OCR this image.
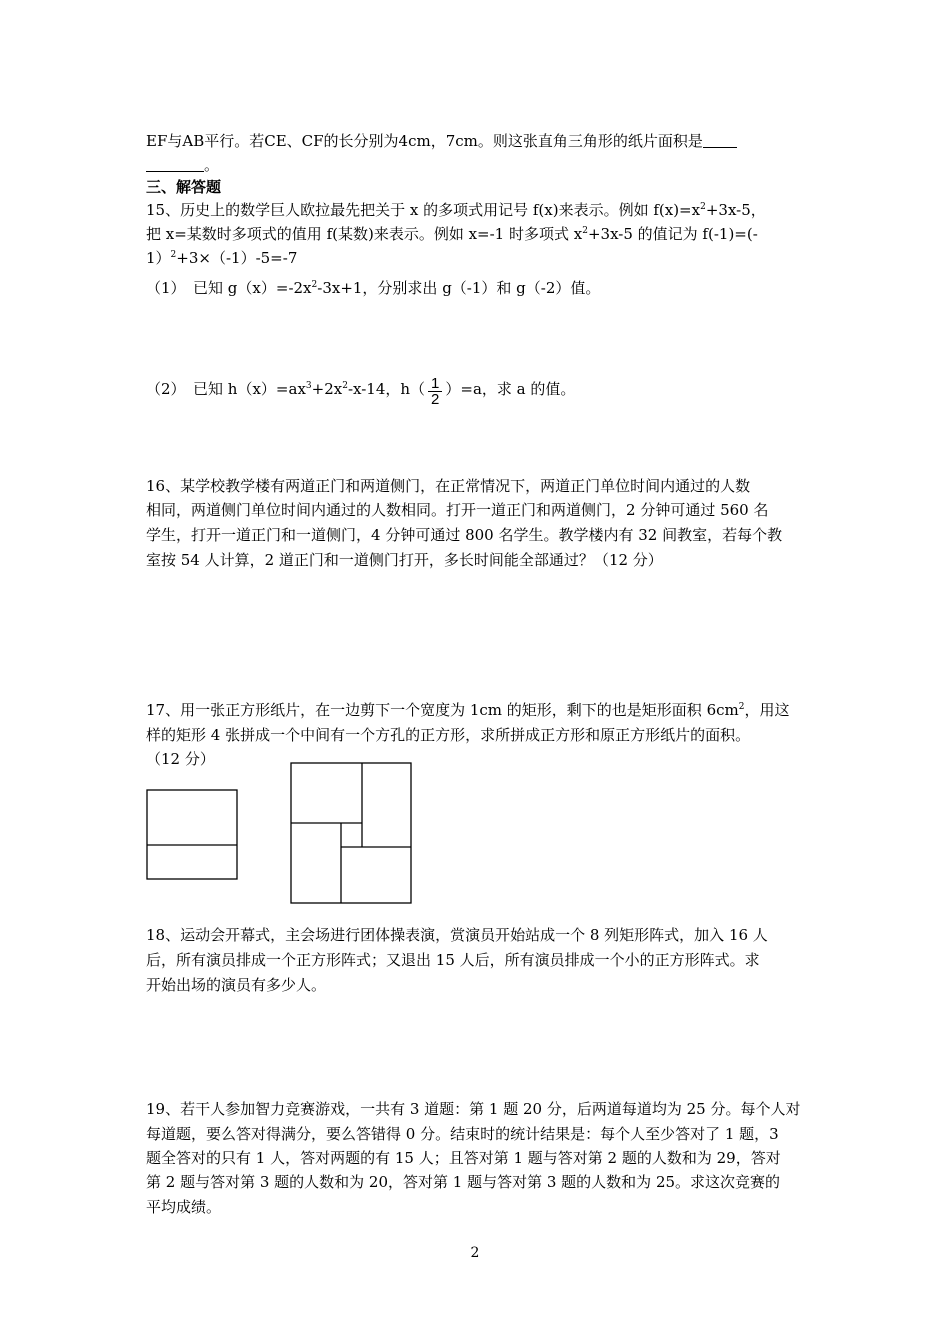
EF与AB平行。若CE、CF的长分别为4cm，7cm。则这张直角三角形的纸片面积是
。
三、解答题
15、历史上的数学巨人欧拉最先把关于 x 的多项式用记号 f(x)来表示。例如 $f(x)=x^2+3x-5$，
把 x=某数时多项式的值用 f(某数)来表示。例如 x=-1 时多项式 $x^2+3x-5$ 的值记为 f(-1)=(-
1）$^2$+3×（-1）-5=-7
（1）　已知 $g(x)=-2x^2-3x+1$，分别求出 g（-1）和 g（-2）值。
（2）　已知 $h(x)=ax^3+2x^2-x-14$，$h( \frac{1}{2} )=a$，求 a 的值。
16、某学校教学楼有两道正门和两道侧门，在正常情况下，两道正门单位时间内通过的人数
相同，两道侧门单位时间内通过的人数相同。打开一道正门和两道侧门，2 分钟可通过 560 名
学生，打开一道正门和一道侧门，4 分钟可通过 800 名学生。教学楼内有 32 间教室，若每个教
室按 54 人计算，2 道正门和一道侧门打开，多长时间能全部通过？（12 分）
17、用一张正方形纸片，在一边剪下一个宽度为 1cm 的矩形，剩下的也是矩形面积 $6cm^2$，用这
样的矩形 4 张拼成一个中间有一个方孔的正方形，求所拼成正方形和原正方形纸片的面积。
（12 分）
18、运动会开幕式，主会场进行团体操表演，赏演员开始站成一个 8 列矩形阵式，加入 16 人
后，所有演员排成一个正方形阵式；又退出 15 人后，所有演员排成一个小的正方形阵式。求
开始出场的演员有多少人。
19、若干人参加智力竞赛游戏，一共有 3 道题：第 1 题 20 分，后两道每道均为 25 分。每个人对
每道题，要么答对得满分，要么答错得 0 分。结束时的统计结果是：每个人至少答对了 1 题，3
题全答对的只有 1 人，答对两题的有 15 人；且答对第 1 题与答对第 2 题的人数和为 29，答对
第 2 题与答对第 3 题的人数和为 20，答对第 1 题与答对第 3 题的人数和为 25。求这次竞赛的
平均成绩。
2
